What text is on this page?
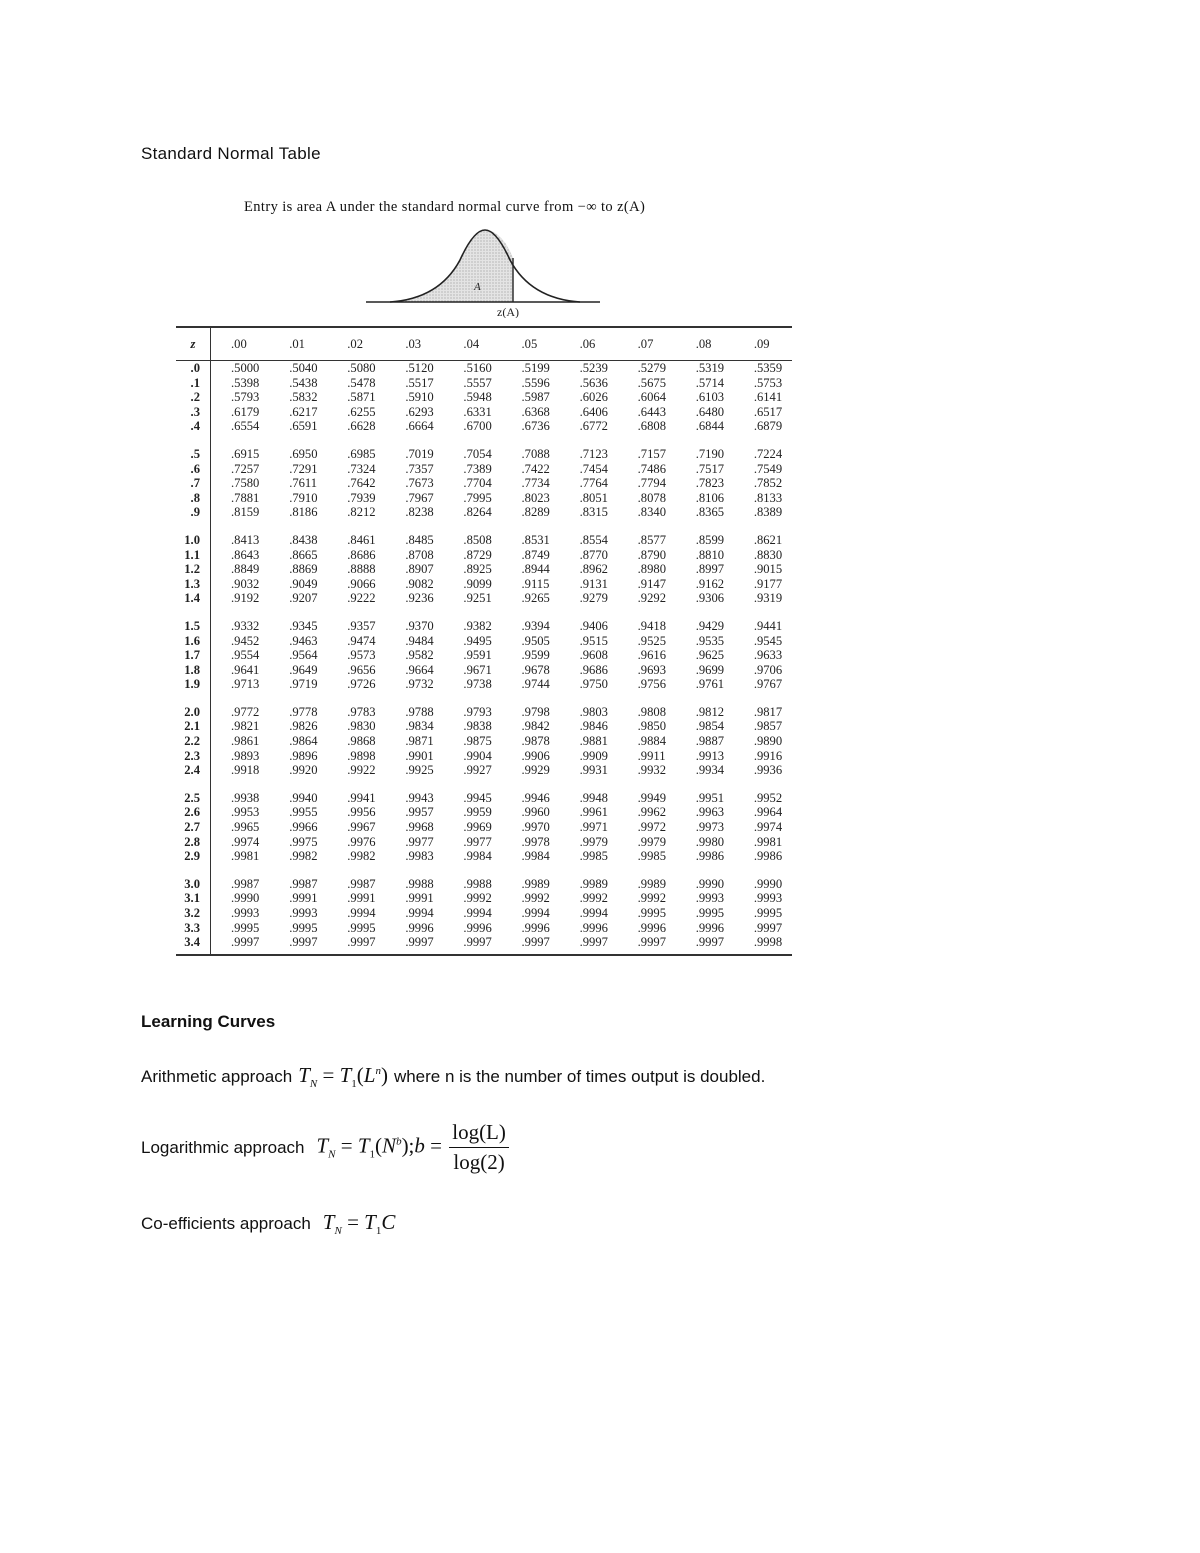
Standard Normal Table
Entry is area A under the standard normal curve from −∞ to z(A)
A
z(A)
z	.00	.01	.02	.03	.04	.05	.06	.07	.08	.09
.0	.5000	.5040	.5080	.5120	.5160	.5199	.5239	.5279	.5319	.5359
.1	.5398	.5438	.5478	.5517	.5557	.5596	.5636	.5675	.5714	.5753
.2	.5793	.5832	.5871	.5910	.5948	.5987	.6026	.6064	.6103	.6141
.3	.6179	.6217	.6255	.6293	.6331	.6368	.6406	.6443	.6480	.6517
.4	.6554	.6591	.6628	.6664	.6700	.6736	.6772	.6808	.6844	.6879

.5	.6915	.6950	.6985	.7019	.7054	.7088	.7123	.7157	.7190	.7224
.6	.7257	.7291	.7324	.7357	.7389	.7422	.7454	.7486	.7517	.7549
.7	.7580	.7611	.7642	.7673	.7704	.7734	.7764	.7794	.7823	.7852
.8	.7881	.7910	.7939	.7967	.7995	.8023	.8051	.8078	.8106	.8133
.9	.8159	.8186	.8212	.8238	.8264	.8289	.8315	.8340	.8365	.8389

1.0	.8413	.8438	.8461	.8485	.8508	.8531	.8554	.8577	.8599	.8621
1.1	.8643	.8665	.8686	.8708	.8729	.8749	.8770	.8790	.8810	.8830
1.2	.8849	.8869	.8888	.8907	.8925	.8944	.8962	.8980	.8997	.9015
1.3	.9032	.9049	.9066	.9082	.9099	.9115	.9131	.9147	.9162	.9177
1.4	.9192	.9207	.9222	.9236	.9251	.9265	.9279	.9292	.9306	.9319

1.5	.9332	.9345	.9357	.9370	.9382	.9394	.9406	.9418	.9429	.9441
1.6	.9452	.9463	.9474	.9484	.9495	.9505	.9515	.9525	.9535	.9545
1.7	.9554	.9564	.9573	.9582	.9591	.9599	.9608	.9616	.9625	.9633
1.8	.9641	.9649	.9656	.9664	.9671	.9678	.9686	.9693	.9699	.9706
1.9	.9713	.9719	.9726	.9732	.9738	.9744	.9750	.9756	.9761	.9767

2.0	.9772	.9778	.9783	.9788	.9793	.9798	.9803	.9808	.9812	.9817
2.1	.9821	.9826	.9830	.9834	.9838	.9842	.9846	.9850	.9854	.9857
2.2	.9861	.9864	.9868	.9871	.9875	.9878	.9881	.9884	.9887	.9890
2.3	.9893	.9896	.9898	.9901	.9904	.9906	.9909	.9911	.9913	.9916
2.4	.9918	.9920	.9922	.9925	.9927	.9929	.9931	.9932	.9934	.9936

2.5	.9938	.9940	.9941	.9943	.9945	.9946	.9948	.9949	.9951	.9952
2.6	.9953	.9955	.9956	.9957	.9959	.9960	.9961	.9962	.9963	.9964
2.7	.9965	.9966	.9967	.9968	.9969	.9970	.9971	.9972	.9973	.9974
2.8	.9974	.9975	.9976	.9977	.9977	.9978	.9979	.9979	.9980	.9981
2.9	.9981	.9982	.9982	.9983	.9984	.9984	.9985	.9985	.9986	.9986

3.0	.9987	.9987	.9987	.9988	.9988	.9989	.9989	.9989	.9990	.9990
3.1	.9990	.9991	.9991	.9991	.9992	.9992	.9992	.9992	.9993	.9993
3.2	.9993	.9993	.9994	.9994	.9994	.9994	.9994	.9995	.9995	.9995
3.3	.9995	.9995	.9995	.9996	.9996	.9996	.9996	.9996	.9996	.9997
3.4	.9997	.9997	.9997	.9997	.9997	.9997	.9997	.9997	.9997	.9998
Learning Curves
Arithmetic approach $T_N = T_1(L^n)$ where n is the number of times output is doubled.
Logarithmic approach $T_N$ = $T_1(N^b);b = \frac{\log(L)}{\log(2)}$
Co-efficients approach $T_N = T_1C$
